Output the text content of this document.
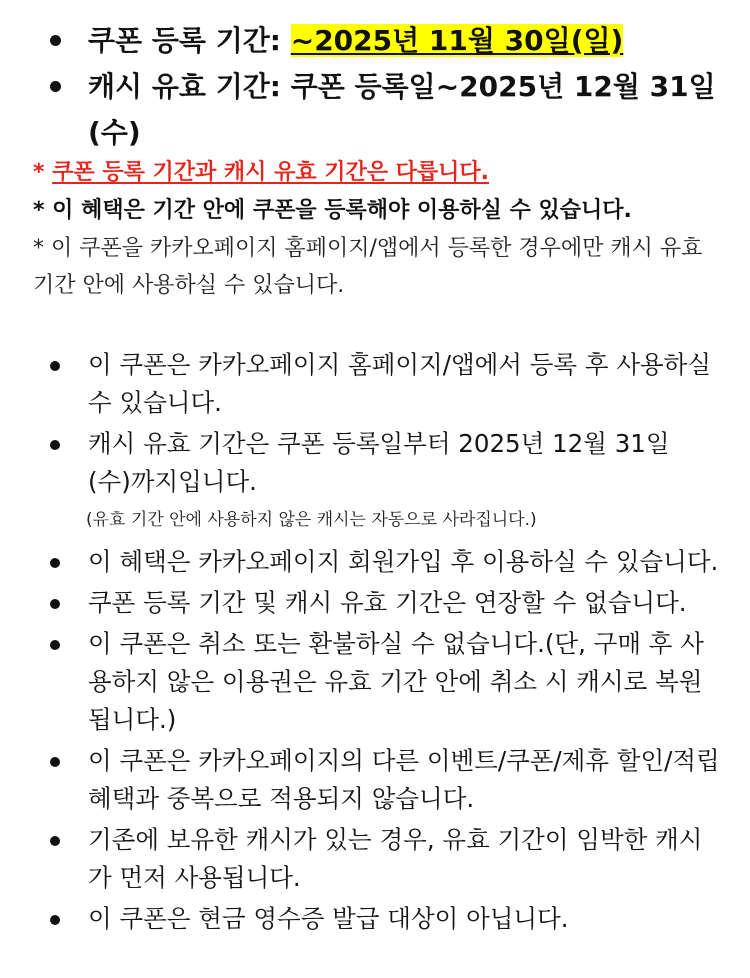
쿠폰 등록 기간: ~2025년 11월 30일(일)
캐시 유효 기간: 쿠폰 등록일~2025년 12월 31일 (수)
* 쿠폰 등록 기간과 캐시 유효 기간은 다릅니다.
* 이 혜택은 기간 안에 쿠폰을 등록해야 이용하실 수 있습니다.
* 이 쿠폰을 카카오페이지 홈페이지/앱에서 등록한 경우에만 캐시 유효 기간 안에 사용하실 수 있습니다.
이 쿠폰은 카카오페이지 홈페이지/앱에서 등록 후 사용하실 수 있습니다.
캐시 유효 기간은 쿠폰 등록일부터 2025년 12월 31일 (수)까지입니다.
(유효 기간 안에 사용하지 않은 캐시는 자동으로 사라집니다.)
이 혜택은 카카오페이지 회원가입 후 이용하실 수 있습니다.
쿠폰 등록 기간 및 캐시 유효 기간은 연장할 수 없습니다.
이 쿠폰은 취소 또는 환불하실 수 없습니다.(단, 구매 후 사용하지 않은 이용권은 유효 기간 안에 취소 시 캐시로 복원됩니다.)
이 쿠폰은 카카오페이지의 다른 이벤트/쿠폰/제휴 할인/적립 혜택과 중복으로 적용되지 않습니다.
기존에 보유한 캐시가 있는 경우, 유효 기간이 임박한 캐시가 먼저 사용됩니다.
이 쿠폰은 현금 영수증 발급 대상이 아닙니다.
